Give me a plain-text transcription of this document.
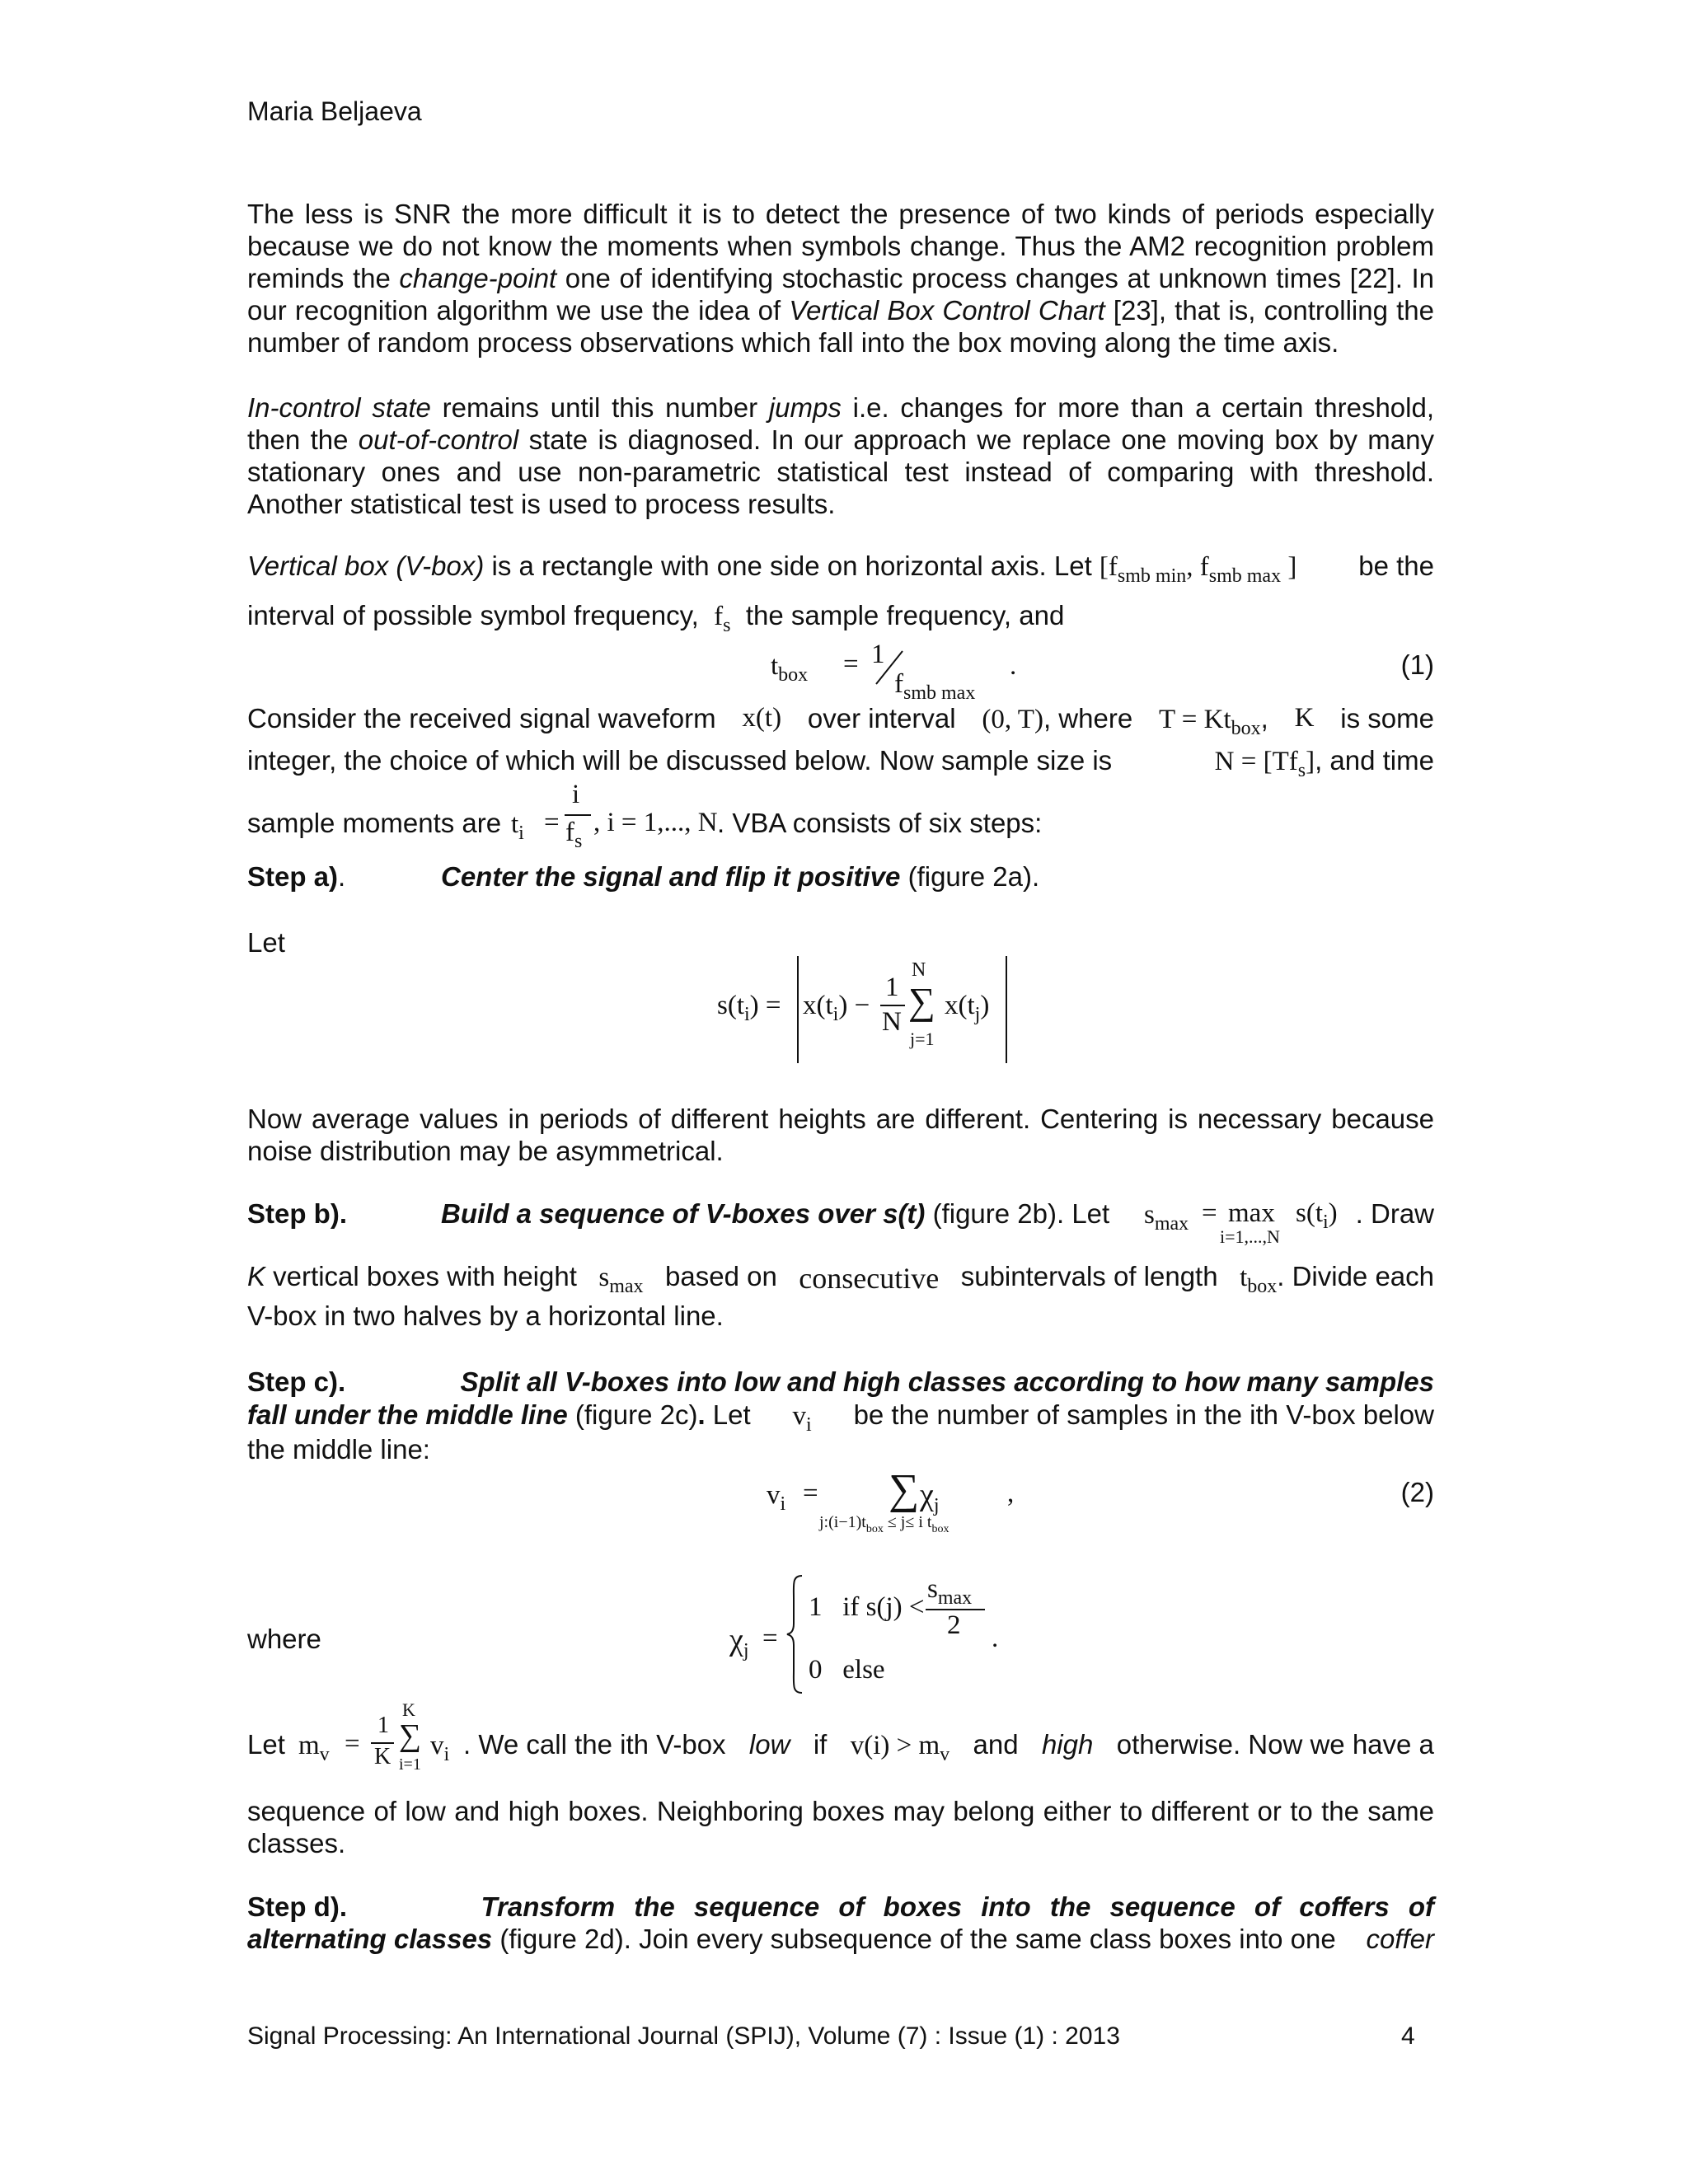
Maria Beljaeva

The less is SNR the more difficult it is to detect the presence of two kinds of periods especially because we do not know the moments when symbols change. Thus the AM2 recognition problem reminds the change-point one of identifying stochastic process changes at unknown times [22]. In our recognition algorithm we use the idea of Vertical Box Control Chart [23], that is, controlling the number of random process observations which fall into the box moving along the time axis.

In-control state remains until this number jumps i.e. changes for more than a certain threshold, then the out-of-control state is diagnosed. In our approach we replace one moving box by many stationary ones and use non-parametric statistical test instead of comparing with threshold. Another statistical test is used to process results.

Vertical box (V-box) is a rectangle with one side on horizontal axis. Let [$f_{smb min}$, $f_{smb max}$ ] be the
interval of possible symbol frequency, $f_s$ the sample frequency, and
$t_{box} = 1$
$f_{smb max}$
.	(1)
Consider the received signal waveform x(t) over interval (0, T), where $T = Kt_{box}$, K is some
integer, the choice of which will be discussed below. Now sample size is	$N = [Tf_s]$, and time
sample moments are $t_i$ =
i
$f_s$
, i = 1,..., N . VBA consists of six steps:
Step a).	Center the signal and flip it positive (figure 2a).
Let
$s(t_i) = x(t_i)$ −
1
N
N
∑
j=1
$x(t_j)$

Now average values in periods of different heights are different. Centering is necessary because noise distribution may be asymmetrical.

Step b).	Build a sequence of V-boxes over s(t) (figure 2b). Let $s_{max} = \max$
i=1,...,N
$s(t_i)$ . Draw
K vertical boxes with height $s_{max}$ based on consecutive subintervals of length $t_{box}$. Divide each
V-box in two halves by a horizontal line.
Step c).	Split all V-boxes into low and high classes according to how many samples
fall under the middle line (figure 2c). Let $v_i$ be the number of samples in the ith V-box below
the middle line:
$v_i$ = ∑ $\chi_j$
$j:(i-1)t_{box} \le j\le i$ $t_{box}$
,	(2)
where	$\chi_j$ =
1   if s(j) <
$s_{max}$
2
0   else
.
Let $m_v$ =
1
K
K
∑
i=1
$v_i$ . We call the ith V-box low if $v(i) > m_v$ and high otherwise. Now we have a

sequence of low and high boxes. Neighboring boxes may belong either to different or to the same classes.

Step d).	Transform the sequence of boxes into the sequence of coffers of
alternating classes (figure 2d). Join every subsequence of the same class boxes into one coffer
Signal Processing: An International Journal (SPIJ), Volume (7) : Issue (1) : 2013	4
